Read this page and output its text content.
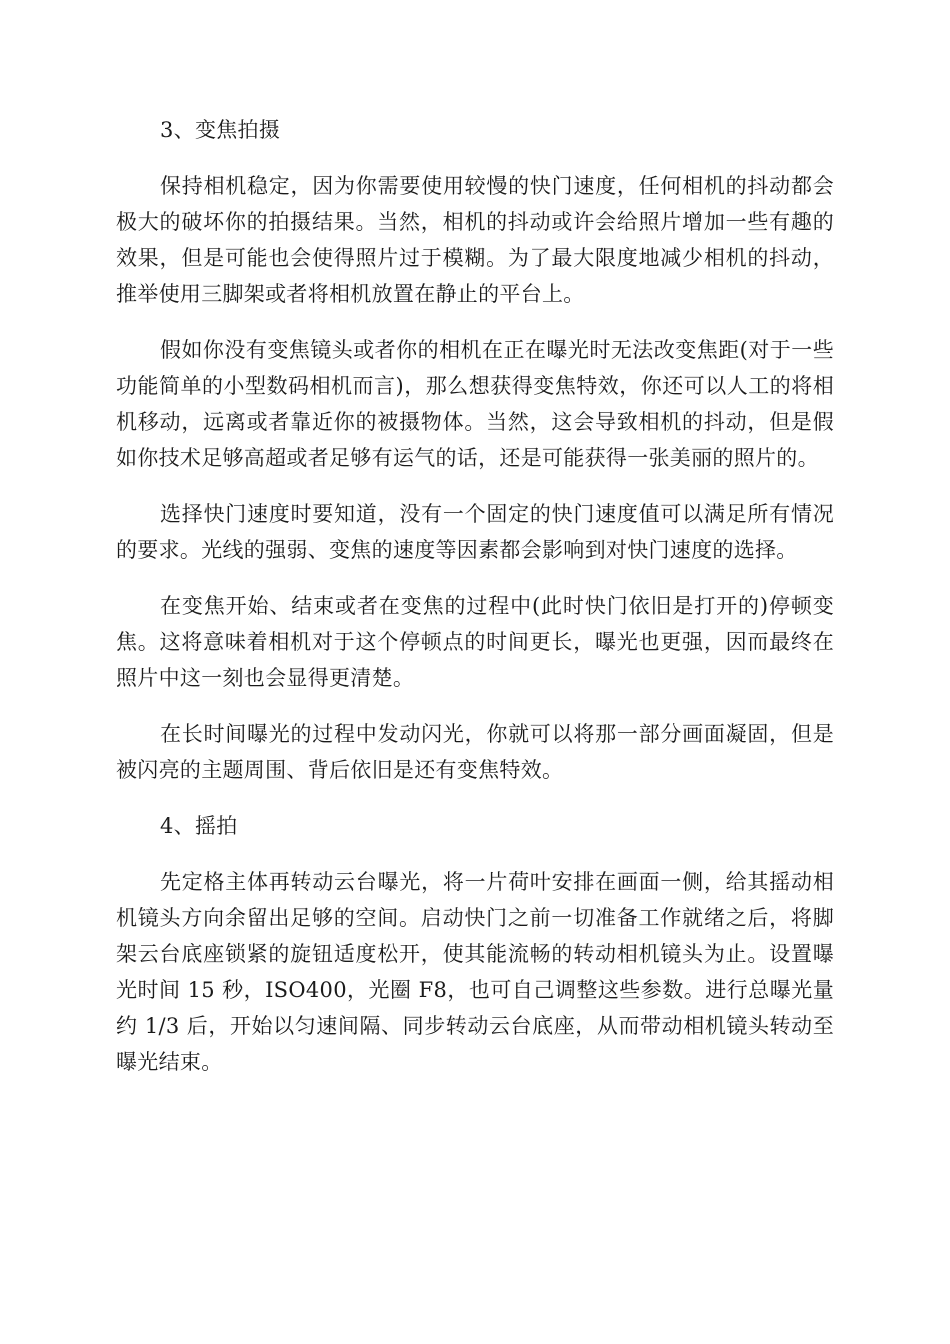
3、变焦拍摄

保持相机稳定，因为你需要使用较慢的快门速度，任何相机的抖动都会极大的破坏你的拍摄结果。当然，相机的抖动或许会给照片增加一些有趣的效果，但是可能也会使得照片过于模糊。为了最大限度地减少相机的抖动，推举使用三脚架或者将相机放置在静止的平台上。

假如你没有变焦镜头或者你的相机在正在曝光时无法改变焦距(对于一些功能简单的小型数码相机而言)，那么想获得变焦特效，你还可以人工的将相机移动，远离或者靠近你的被摄物体。当然，这会导致相机的抖动，但是假如你技术足够高超或者足够有运气的话，还是可能获得一张美丽的照片的。

选择快门速度时要知道，没有一个固定的快门速度值可以满足所有情况的要求。光线的强弱、变焦的速度等因素都会影响到对快门速度的选择。

在变焦开始、结束或者在变焦的过程中(此时快门依旧是打开的)停顿变焦。这将意味着相机对于这个停顿点的时间更长，曝光也更强，因而最终在照片中这一刻也会显得更清楚。

在长时间曝光的过程中发动闪光，你就可以将那一部分画面凝固，但是被闪亮的主题周围、背后依旧是还有变焦特效。

4、摇拍

先定格主体再转动云台曝光，将一片荷叶安排在画面一侧，给其摇动相机镜头方向余留出足够的空间。启动快门之前一切准备工作就绪之后，将脚架云台底座锁紧的旋钮适度松开，使其能流畅的转动相机镜头为止。设置曝光时间 15 秒，ISO400，光圈 F8，也可自己调整这些参数。进行总曝光量约 1/3 后，开始以匀速间隔、同步转动云台底座，从而带动相机镜头转动至曝光结束。
